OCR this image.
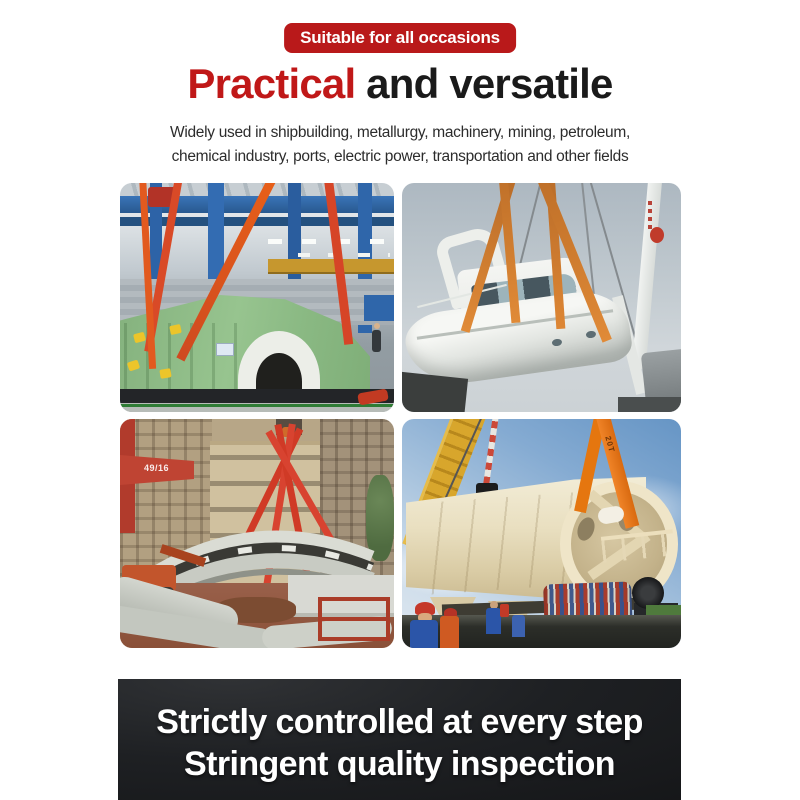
Suitable for all occasions
Practical and versatile
Widely used in shipbuilding, metallurgy, machinery, mining, petroleum,
chemical industry, ports, electric power, transportation and other fields
49/16
20T
Strictly controlled at every step
Stringent quality inspection
